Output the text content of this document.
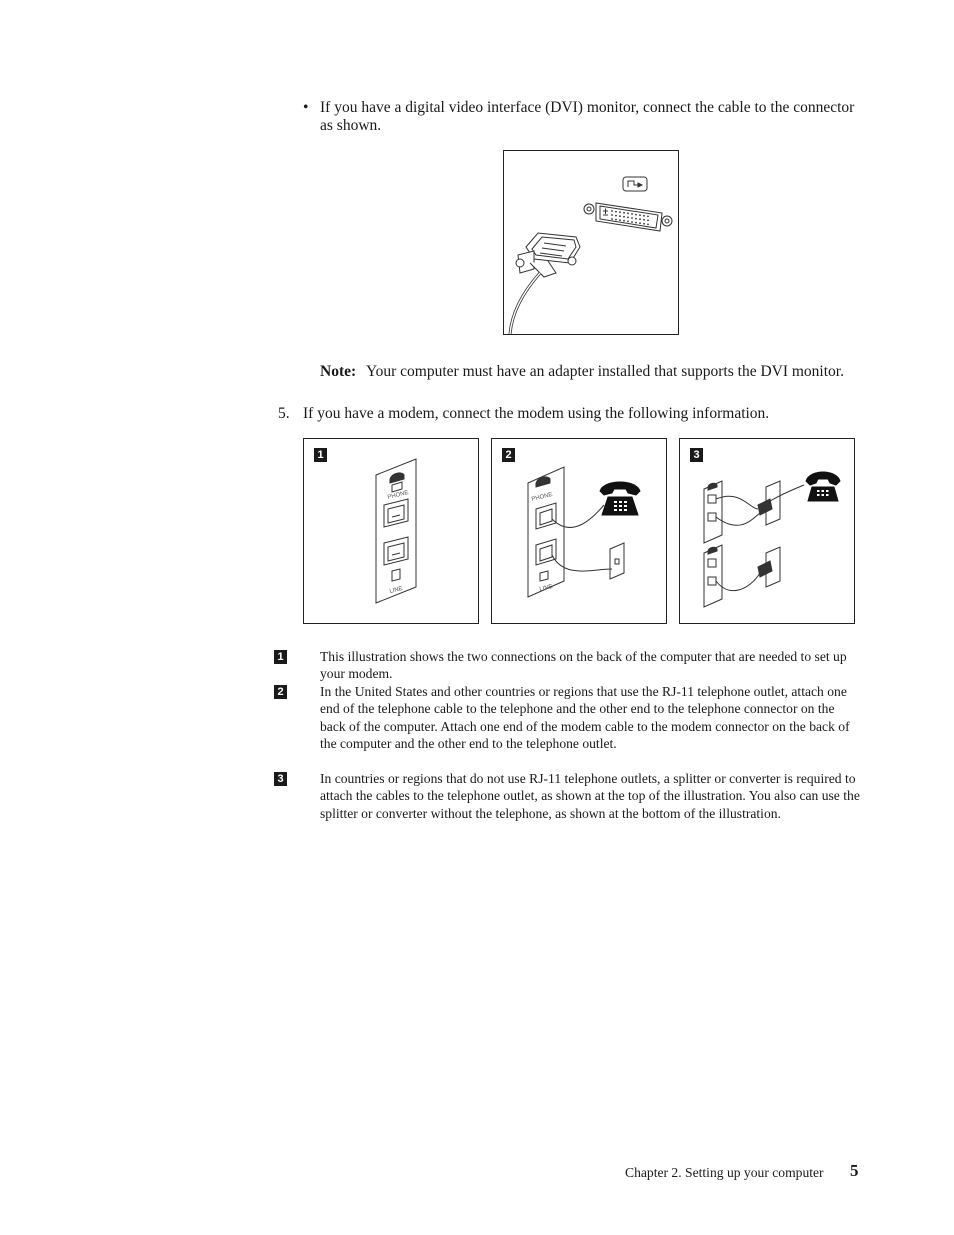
• If you have a digital video interface (DVI) monitor, connect the cable to the connector as shown.
Note: Your computer must have an adapter installed that supports the DVI monitor.
5. If you have a modem, connect the modem using the following information.
1
PHONE
LINE
2
PHONE
LINE
3
1	This illustration shows the two connections on the back of the computer that are needed to set up your modem.
2	In the United States and other countries or regions that use the RJ-11 telephone outlet, attach one end of the telephone cable to the telephone and the other end to the telephone connector on the back of the computer. Attach one end of the modem cable to the modem connector on the back of the computer and the other end to the telephone outlet.
3	In countries or regions that do not use RJ-11 telephone outlets, a splitter or converter is required to attach the cables to the telephone outlet, as shown at the top of the illustration. You also can use the splitter or converter without the telephone, as shown at the bottom of the illustration.
Chapter 2. Setting up your computer 5
